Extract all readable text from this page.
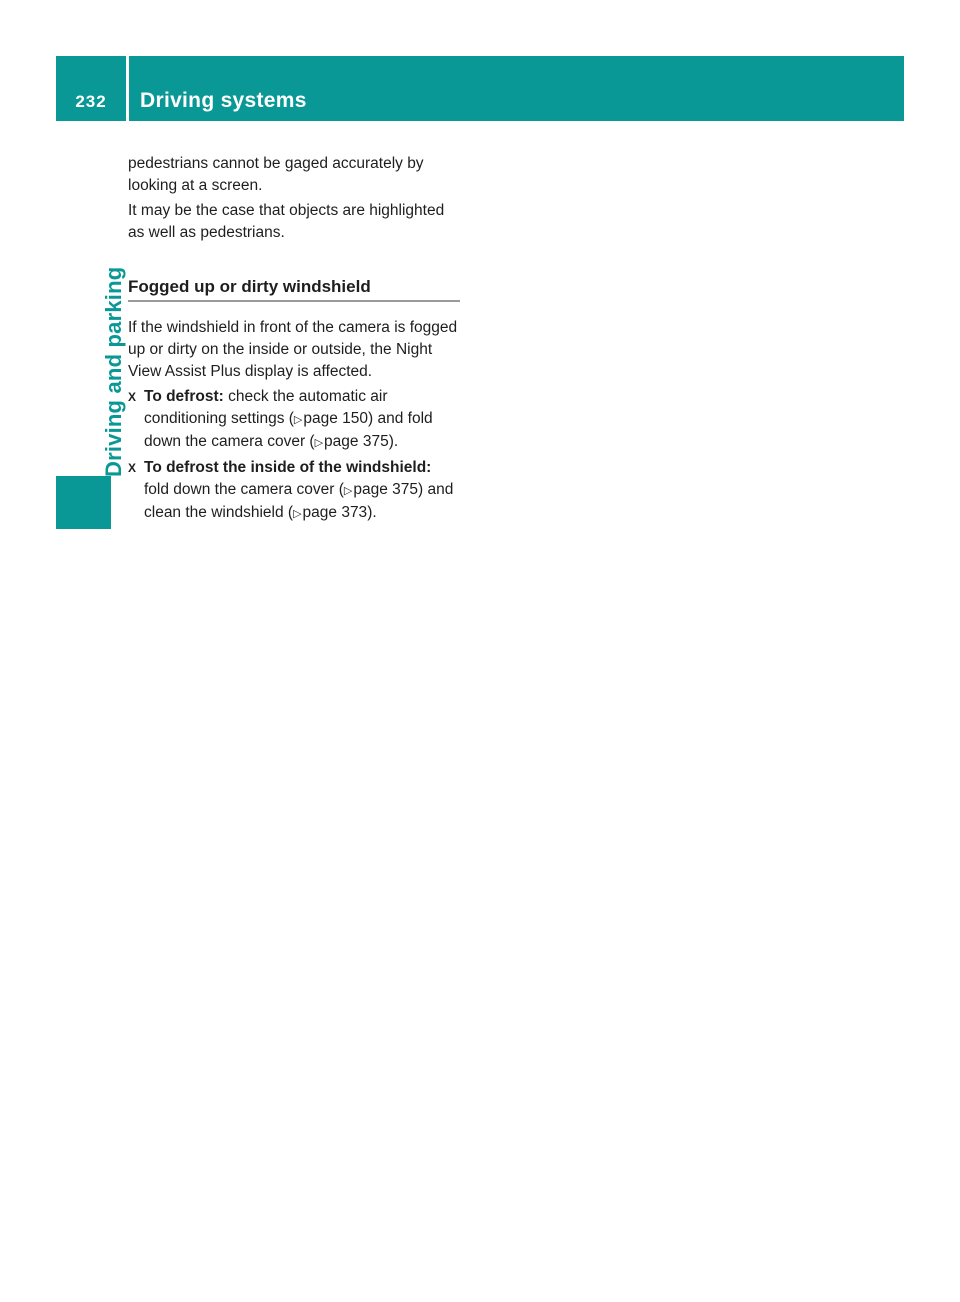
232	Driving systems
Driving and parking

pedestrians cannot be gaged accurately by looking at a screen.

It may be the case that objects are highlighted as well as pedestrians.

Fogged up or dirty windshield

If the windshield in front of the camera is fogged up or dirty on the inside or outside, the Night View Assist Plus display is affected.

X To defrost: check the automatic air conditioning settings (▷page 150) and fold down the camera cover (▷page 375).
X To defrost the inside of the windshield: fold down the camera cover (▷page 375) and clean the windshield (▷page 373).
